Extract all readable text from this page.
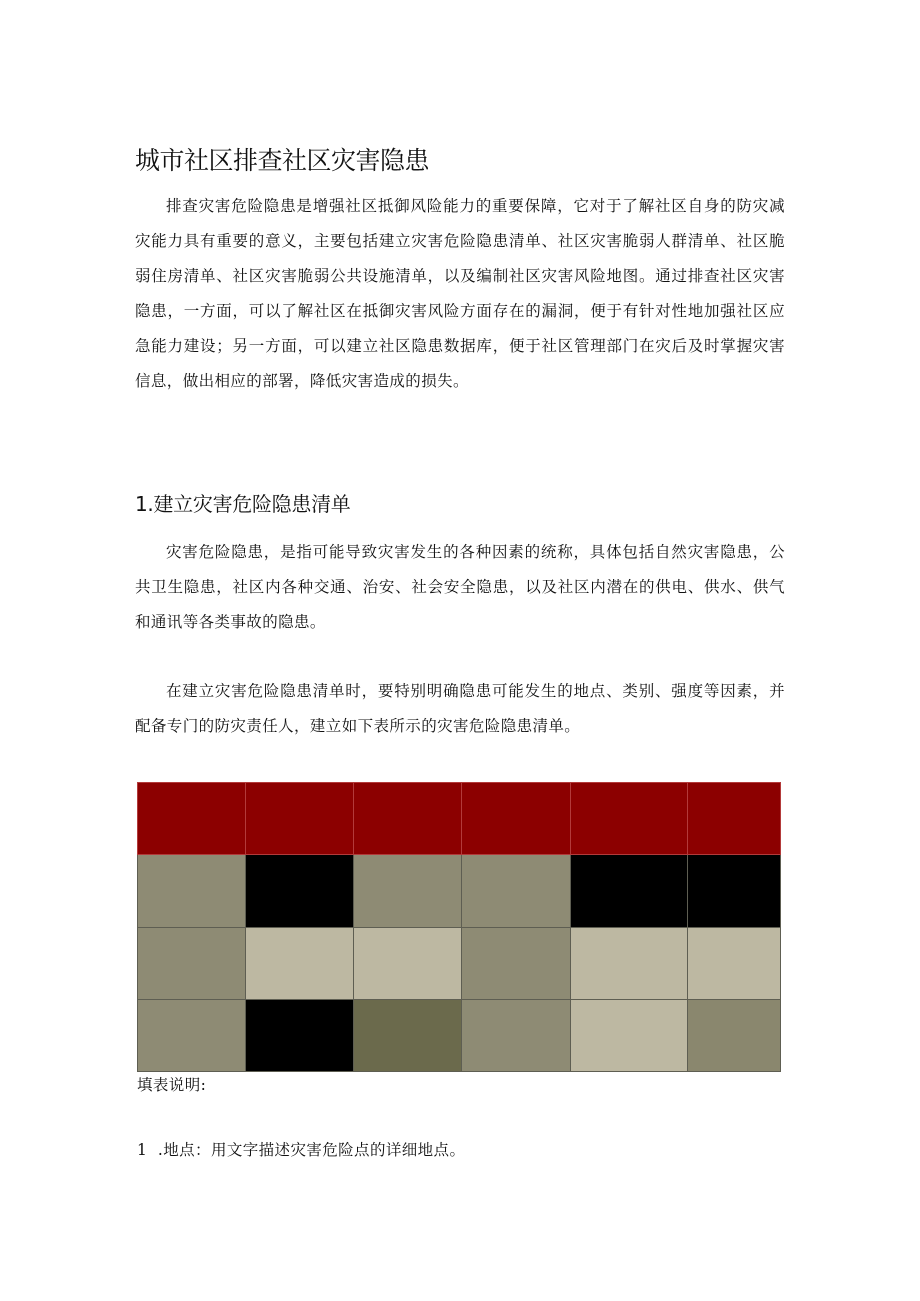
城市社区排查社区灾害隐患

排查灾害危险隐患是增强社区抵御风险能力的重要保障，它对于了解社区自身的防灾减灾能力具有重要的意义，主要包括建立灾害危险隐患清单、社区灾害脆弱人群清单、社区脆弱住房清单、社区灾害脆弱公共设施清单，以及编制社区灾害风险地图。通过排查社区灾害隐患，一方面，可以了解社区在抵御灾害风险方面存在的漏洞，便于有针对性地加强社区应急能力建设；另一方面，可以建立社区隐患数据库，便于社区管理部门在灾后及时掌握灾害信息，做出相应的部署，降低灾害造成的损失。

1.建立灾害危险隐患清单

灾害危险隐患，是指可能导致灾害发生的各种因素的统称，具体包括自然灾害隐患，公共卫生隐患，社区内各种交通、治安、社会安全隐患，以及社区内潜在的供电、供水、供气和通讯等各类事故的隐患。

在建立灾害危险隐患清单时，要特别明确隐患可能发生的地点、类别、强度等因素，并配备专门的防灾责任人，建立如下表所示的灾害危险隐患清单。

填表说明:

1  .地点：用文字描述灾害危险点的详细地点。
